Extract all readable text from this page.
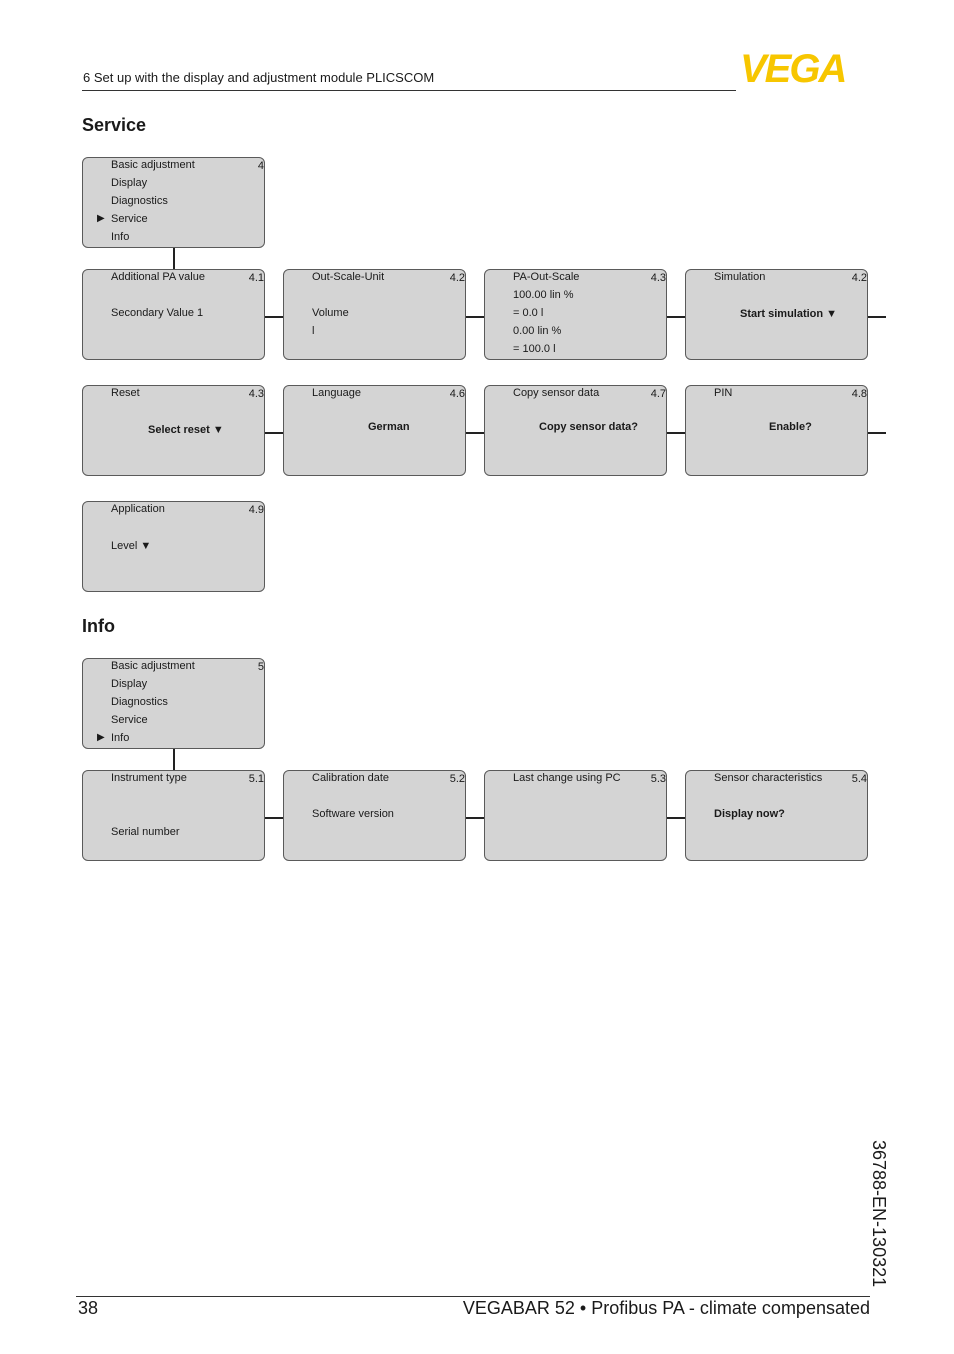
6 Set up with the display and adjustment module PLICSCOM	VEGA
Service
Basic adjustment
Display
Diagnostics
▶ Service
Info
4
Additional PA value
Secondary Value 1
4.1	Out-Scale-Unit
Volume
l
4.2	PA-Out-Scale
100.00 lin %
= 0.0 l
0.00 lin %
= 100.0 l
4.3	Simulation
Start simulation ▼
4.2
Reset
Select reset ▼
4.3	Language
German
4.6	Copy sensor data
Copy sensor data?
4.7	PIN
Enable?
4.8
Application
Level ▼
4.9
Info
Basic adjustment
Display
Diagnostics
Service
▶ Info
5
Instrument type
Serial number
5.1	Calibration date
Software version
5.2	Last change using PC	5.3	Sensor characteristics
Display now?
5.4
36788-EN-130321
38	VEGABAR 52 • Profibus PA - climate compensated
